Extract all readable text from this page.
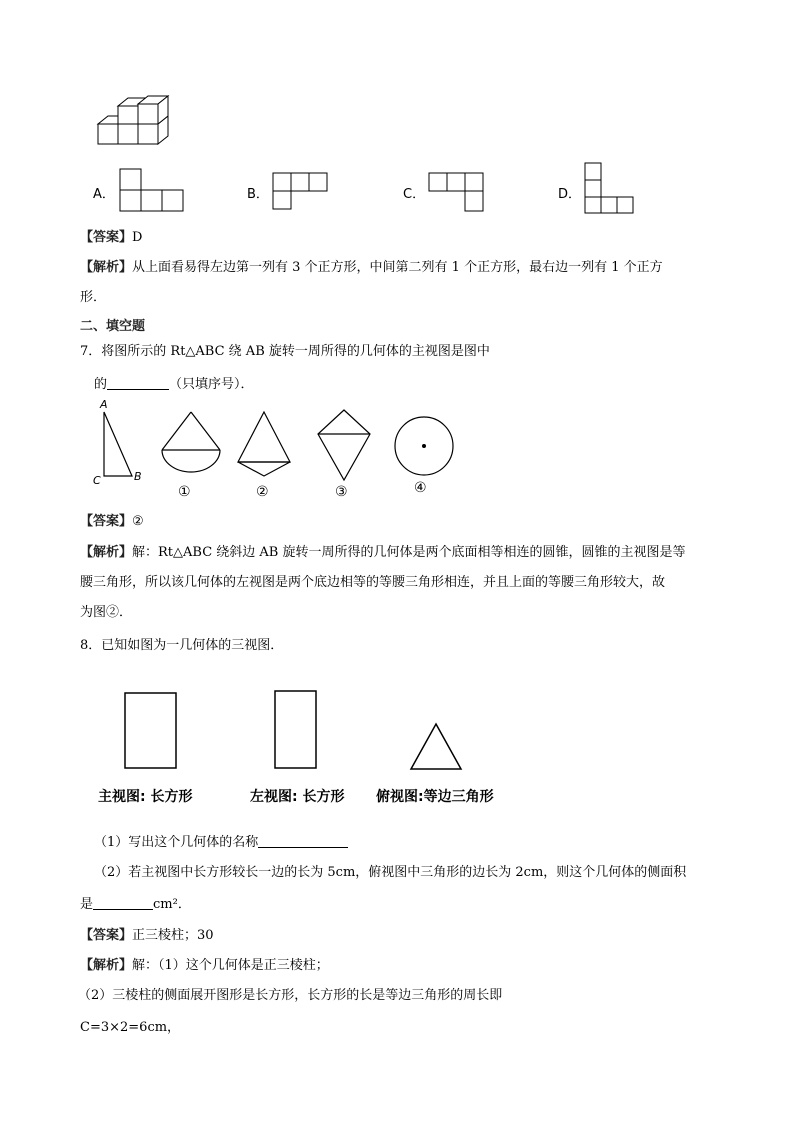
A．	B．	C．	D．
【答案】D
【解析】从上面看易得左边第一列有 3 个正方形，中间第二列有 1 个正方形，最右边一列有 1 个正方
形．
二、填空题
7．将图所示的 Rt△ABC 绕 AB 旋转一周所得的几何体的主视图是图中
的	（只填序号）．
A
B
C
①	②	③	④
【答案】②
【解析】解：Rt△ABC 绕斜边 AB 旋转一周所得的几何体是两个底面相等相连的圆锥，圆锥的主视图是等
腰三角形，所以该几何体的左视图是两个底边相等的等腰三角形相连，并且上面的等腰三角形较大，故
为图②．
8．已知如图为一几何体的三视图．
主视图: 长方形	左视图: 长方形 俯视图:等边三角形
（1）写出这个几何体的名称
（2）若主视图中长方形较长一边的长为 5cm，俯视图中三角形的边长为 2cm，则这个几何体的侧面积
是	cm²．
【答案】正三棱柱；30
【解析】解：（1）这个几何体是正三棱柱；
（2）三棱柱的侧面展开图形是长方形，长方形的长是等边三角形的周长即
C=3×2=6cm，
